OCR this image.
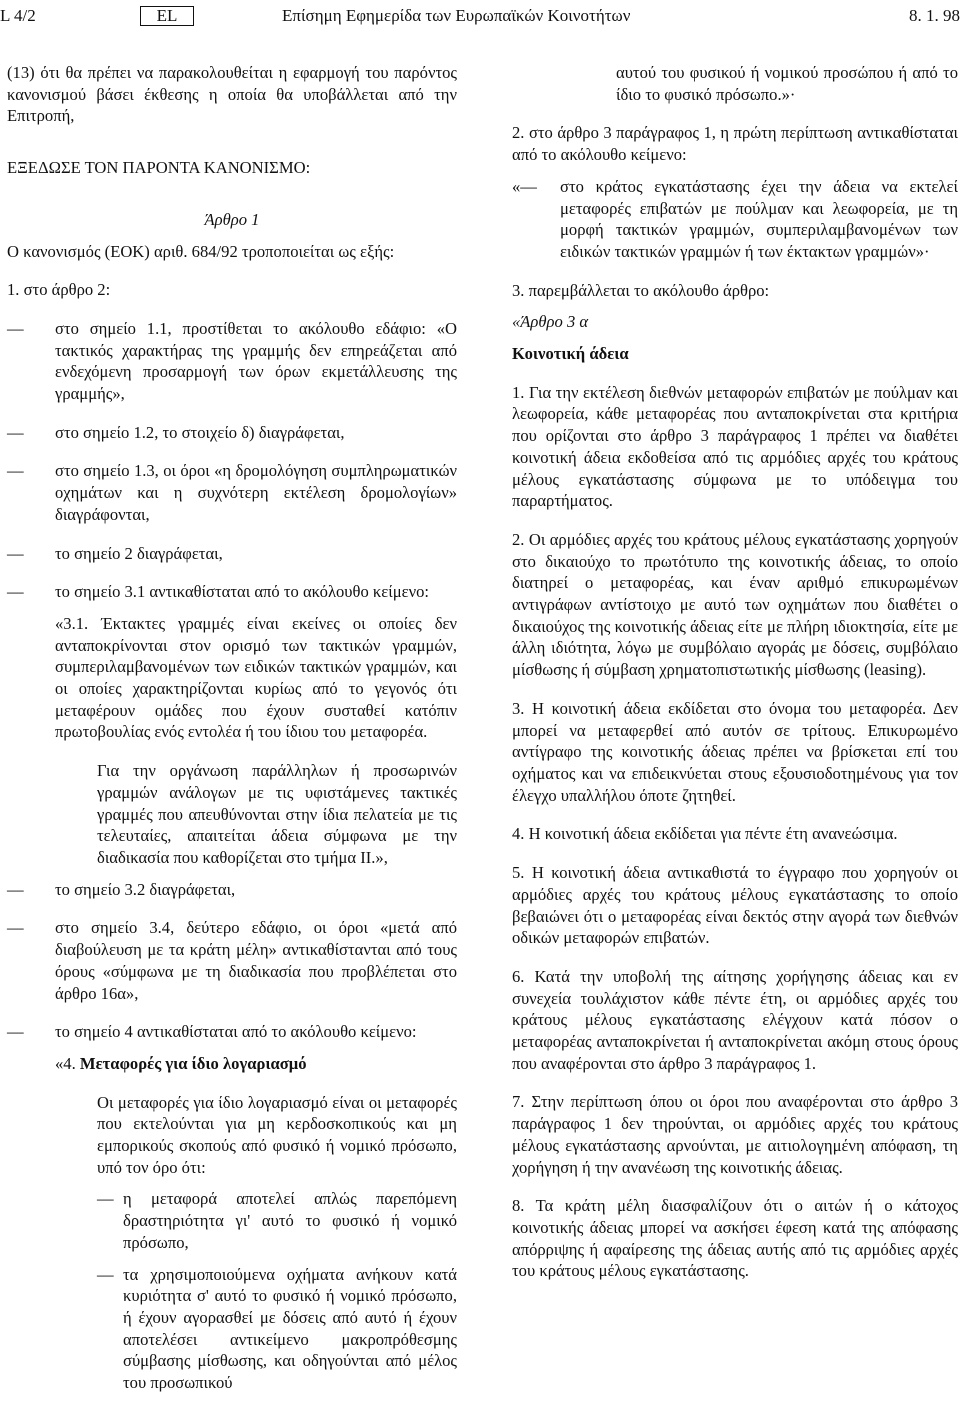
L 4/2	EL	Επίσημη Εφημερίδα των Ευρωπαϊκών Κοινοτήτων	8. 1. 98

(13) ότι θα πρέπει να παρακολουθείται η εφαρμογή του παρόντος κανονισμού βάσει έκθεσης η οποία θα υποβάλλεται από την Επιτροπή,

ΕΞΕΔΩΣΕ ΤΟΝ ΠΑΡΟΝΤΑ ΚΑΝΟΝΙΣΜΟ:

Άρθρο 1

Ο κανονισμός (ΕΟΚ) αριθ. 684/92 τροποποιείται ως εξής:

1. στο άρθρο 2:

—	στο σημείο 1.1, προστίθεται το ακόλουθο εδάφιο: «Ο τακτικός χαρακτήρας της γραμμής δεν επηρεάζεται από ενδεχόμενη προσαρμογή των όρων εκμετάλλευσης της γραμμής»,
—	στο σημείο 1.2, το στοιχείο δ) διαγράφεται,
—	στο σημείο 1.3, οι όροι «η δρομολόγηση συμπληρωματικών οχημάτων και η συχνότερη εκτέλεση δρομολογίων» διαγράφονται,
—	το σημείο 2 διαγράφεται,
—	το σημείο 3.1 αντικαθίσταται από το ακόλουθο κείμενο:

«3.1. Έκτακτες γραμμές είναι εκείνες οι οποίες δεν ανταποκρίνονται στον ορισμό των τακτικών γραμμών, συμπεριλαμβανομένων των ειδικών τακτικών γραμμών, και οι οποίες χαρακτηρίζονται κυρίως από το γεγονός ότι μεταφέρουν ομάδες που έχουν συσταθεί κατόπιν πρωτοβουλίας ενός εντολέα ή του ίδιου του μεταφορέα.

Για την οργάνωση παράλληλων ή προσωρινών γραμμών ανάλογων με τις υφιστάμενες τακτικές γραμμές που απευθύνονται στην ίδια πελατεία με τις τελευταίες, απαιτείται άδεια σύμφωνα με την διαδικασία που καθορίζεται στο τμήμα ΙΙ.»,

—	το σημείο 3.2 διαγράφεται,
—	στο σημείο 3.4, δεύτερο εδάφιο, οι όροι «μετά από διαβούλευση με τα κράτη μέλη» αντικαθίστανται από τους όρους «σύμφωνα με τη διαδικασία που προβλέπεται στο άρθρο 16α»,
—	το σημείο 4 αντικαθίσταται από το ακόλουθο κείμενο:

«4. Μεταφορές για ίδιο λογαριασμό

Οι μεταφορές για ίδιο λογαριασμό είναι οι μεταφορές που εκτελούνται για μη κερδοσκοπικούς και μη εμπορικούς σκοπούς από φυσικό ή νομικό πρόσωπο, υπό τον όρο ότι:

— η μεταφορά αποτελεί απλώς παρεπόμενη δραστηριότητα γι' αυτό το φυσικό ή νομικό πρόσωπο,
— τα χρησιμοποιούμενα οχήματα ανήκουν κατά κυριότητα σ' αυτό το φυσικό ή νομικό πρόσωπο, ή έχουν αγορασθεί με δόσεις από αυτό ή έχουν αποτελέσει αντικείμενο μακροπρόθεσμης σύμβασης μίσθωσης, και οδηγούνται από μέλος του προσωπικού

αυτού του φυσικού ή νομικού προσώπου ή από το ίδιο το φυσικό πρόσωπο.»·

2. στο άρθρο 3 παράγραφος 1, η πρώτη περίπτωση αντικαθίσταται από το ακόλουθο κείμενο:

«—	στο κράτος εγκατάστασης έχει την άδεια να εκτελεί μεταφορές επιβατών με πούλμαν και λεωφορεία, με τη μορφή τακτικών γραμμών, συμπεριλαμβανομένων των ειδικών τακτικών γραμμών ή των έκτακτων γραμμών»·

3. παρεμβάλλεται το ακόλουθο άρθρο:

«Άρθρο 3 α

Κοινοτική άδεια

1. Για την εκτέλεση διεθνών μεταφορών επιβατών με πούλμαν και λεωφορεία, κάθε μεταφορέας που ανταποκρίνεται στα κριτήρια που ορίζονται στο άρθρο 3 παράγραφος 1 πρέπει να διαθέτει κοινοτική άδεια εκδοθείσα από τις αρμόδιες αρχές του κράτους μέλους εγκατάστασης σύμφωνα με το υπόδειγμα του παραρτήματος.

2. Οι αρμόδιες αρχές του κράτους μέλους εγκατάστασης χορηγούν στο δικαιούχο το πρωτότυπο της κοινοτικής άδειας, το οποίο διατηρεί ο μεταφορέας, και έναν αριθμό επικυρωμένων αντιγράφων αντίστοιχο με αυτό των οχημάτων που διαθέτει ο δικαιούχος της κοινοτικής άδειας είτε με πλήρη ιδιοκτησία, είτε με άλλη ιδιότητα, λόγω με συμβόλαιο αγοράς με δόσεις, συμβόλαιο μίσθωσης ή σύμβαση χρηματοπιστωτικής μίσθωσης (leasing).

3. Η κοινοτική άδεια εκδίδεται στο όνομα του μεταφορέα. Δεν μπορεί να μεταφερθεί από αυτόν σε τρίτους. Επικυρωμένο αντίγραφο της κοινοτικής άδειας πρέπει να βρίσκεται επί του οχήματος και να επιδεικνύεται στους εξουσιοδοτημένους για τον έλεγχο υπαλλήλου όποτε ζητηθεί.

4. Η κοινοτική άδεια εκδίδεται για πέντε έτη ανανεώσιμα.

5. Η κοινοτική άδεια αντικαθιστά το έγγραφο που χορηγούν οι αρμόδιες αρχές του κράτους μέλους εγκατάστασης το οποίο βεβαιώνει ότι ο μεταφορέας είναι δεκτός στην αγορά των διεθνών οδικών μεταφορών επιβατών.

6. Κατά την υποβολή της αίτησης χορήγησης άδειας και εν συνεχεία τουλάχιστον κάθε πέντε έτη, οι αρμόδιες αρχές του κράτους μέλους εγκατάστασης ελέγχουν κατά πόσον ο μεταφορέας ανταποκρίνεται ή ανταποκρίνεται ακόμη στους όρους που αναφέρονται στο άρθρο 3 παράγραφος 1.

7. Στην περίπτωση όπου οι όροι που αναφέρονται στο άρθρο 3 παράγραφος 1 δεν τηρούνται, οι αρμόδιες αρχές του κράτους μέλους εγκατάστασης αρνούνται, με αιτιολογημένη απόφαση, τη χορήγηση ή την ανανέωση της κοινοτικής άδειας.

8. Τα κράτη μέλη διασφαλίζουν ότι ο αιτών ή ο κάτοχος κοινοτικής άδειας μπορεί να ασκήσει έφεση κατά της απόφασης απόρριψης ή αφαίρεσης της άδειας αυτής από τις αρμόδιες αρχές του κράτους μέλους εγκατάστασης.
